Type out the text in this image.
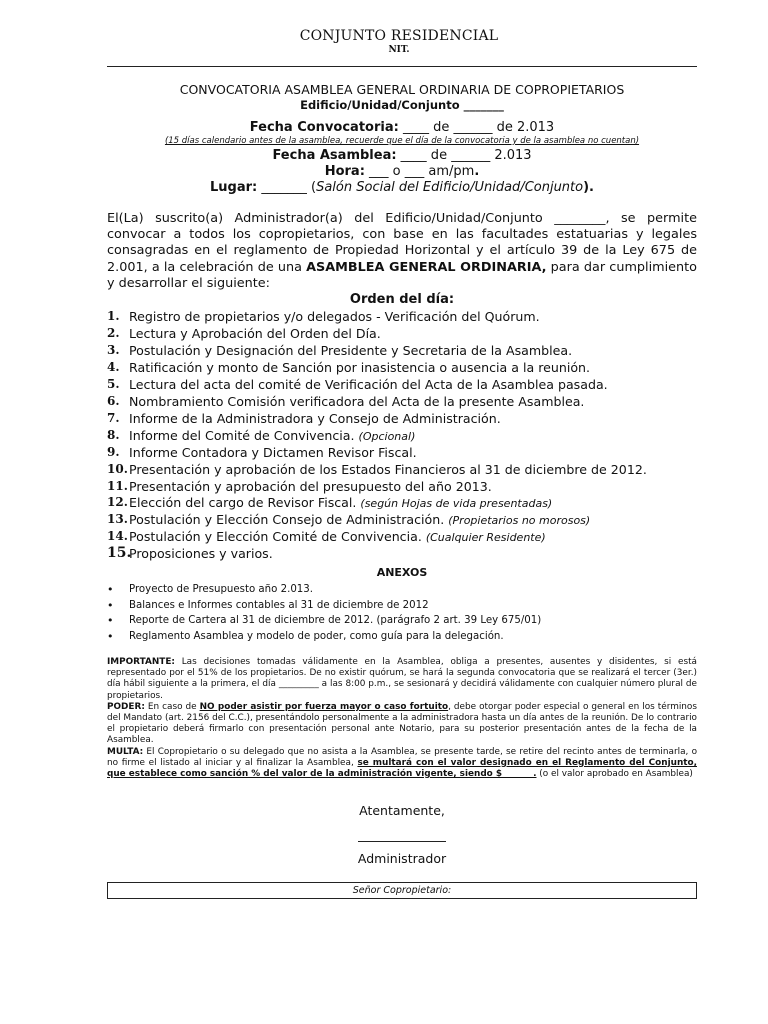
CONJUNTO RESIDENCIAL
NIT.
CONVOCATORIA ASAMBLEA GENERAL ORDINARIA DE COPROPIETARIOS
Edificio/Unidad/Conjunto _______
Fecha Convocatoria: ____ de ______ de 2.013
(15 días calendario antes de la asamblea, recuerde que el día de la convocatoria y de la asamblea no cuentan)
Fecha Asamblea: ____ de ______ 2.013
Hora: ___ o ___ am/pm.
Lugar: _______ (Salón Social del Edificio/Unidad/Conjunto).
El(La) suscrito(a) Administrador(a) del Edificio/Unidad/Conjunto ________, se permite convocar a todos los copropietarios, con base en las facultades estatuarias y legales consagradas en el reglamento de Propiedad Horizontal y el artículo 39 de la Ley 675 de 2.001, a la celebración de una ASAMBLEA GENERAL ORDINARIA, para dar cumplimiento y desarrollar el siguiente:
Orden del día:
1. Registro de propietarios y/o delegados - Verificación del Quórum.
2. Lectura y Aprobación del Orden del Día.
3. Postulación y Designación del Presidente y Secretaria de la Asamblea.
4. Ratificación y monto de Sanción por inasistencia o ausencia a la reunión.
5. Lectura del acta del comité de Verificación del Acta de la Asamblea pasada.
6. Nombramiento Comisión verificadora del Acta de la presente Asamblea.
7. Informe de la Administradora y Consejo de Administración.
8. Informe del Comité de Convivencia. (Opcional)
9. Informe Contadora y Dictamen Revisor Fiscal.
10. Presentación y aprobación de los Estados Financieros al 31 de diciembre de 2012.
11. Presentación y aprobación del presupuesto del año 2013.
12. Elección del cargo de Revisor Fiscal. (según Hojas de vida presentadas)
13. Postulación y Elección Consejo de Administración. (Propietarios no morosos)
14. Postulación y Elección Comité de Convivencia. (Cualquier Residente)
15.
Proposiciones y varios.
ANEXOS
•	Proyecto de Presupuesto año 2.013.
•	Balances e Informes contables al 31 de diciembre de 2012
•	Reporte de Cartera al 31 de diciembre de 2012. (parágrafo 2 art. 39 Ley 675/01)
•	Reglamento Asamblea y modelo de poder, como guía para la delegación.

IMPORTANTE: Las decisiones tomadas válidamente en la Asamblea, obliga a presentes, ausentes y disidentes, si está representado por el 51% de los propietarios. De no existir quórum, se hará la segunda convocatoria que se realizará el tercer (3er.) día hábil siguiente a la primera, el día _________ a las 8:00 p.m., se sesionará y decidirá válidamente con cualquier número plural de propietarios.

PODER: En caso de NO poder asistir por fuerza mayor o caso fortuito, debe otorgar poder especial o general en los términos del Mandato (art. 2156 del C.C.), presentándolo personalmente a la administradora hasta un día antes de la reunión. De lo contrario el propietario deberá firmarlo con presentación personal ante Notario, para su posterior presentación antes de la fecha de la Asamblea.

MULTA: El Copropietario o su delegado que no asista a la Asamblea, se presente tarde, se retire del recinto antes de terminarla, o no firme el listado al iniciar y al finalizar la Asamblea, se multará con el valor designado en el Reglamento del Conjunto, que establece como sanción % del valor de la administración vigente, siendo $_______. (o el valor aprobado en Asamblea)

Atentamente,
Administrador
Señor Copropietario:
